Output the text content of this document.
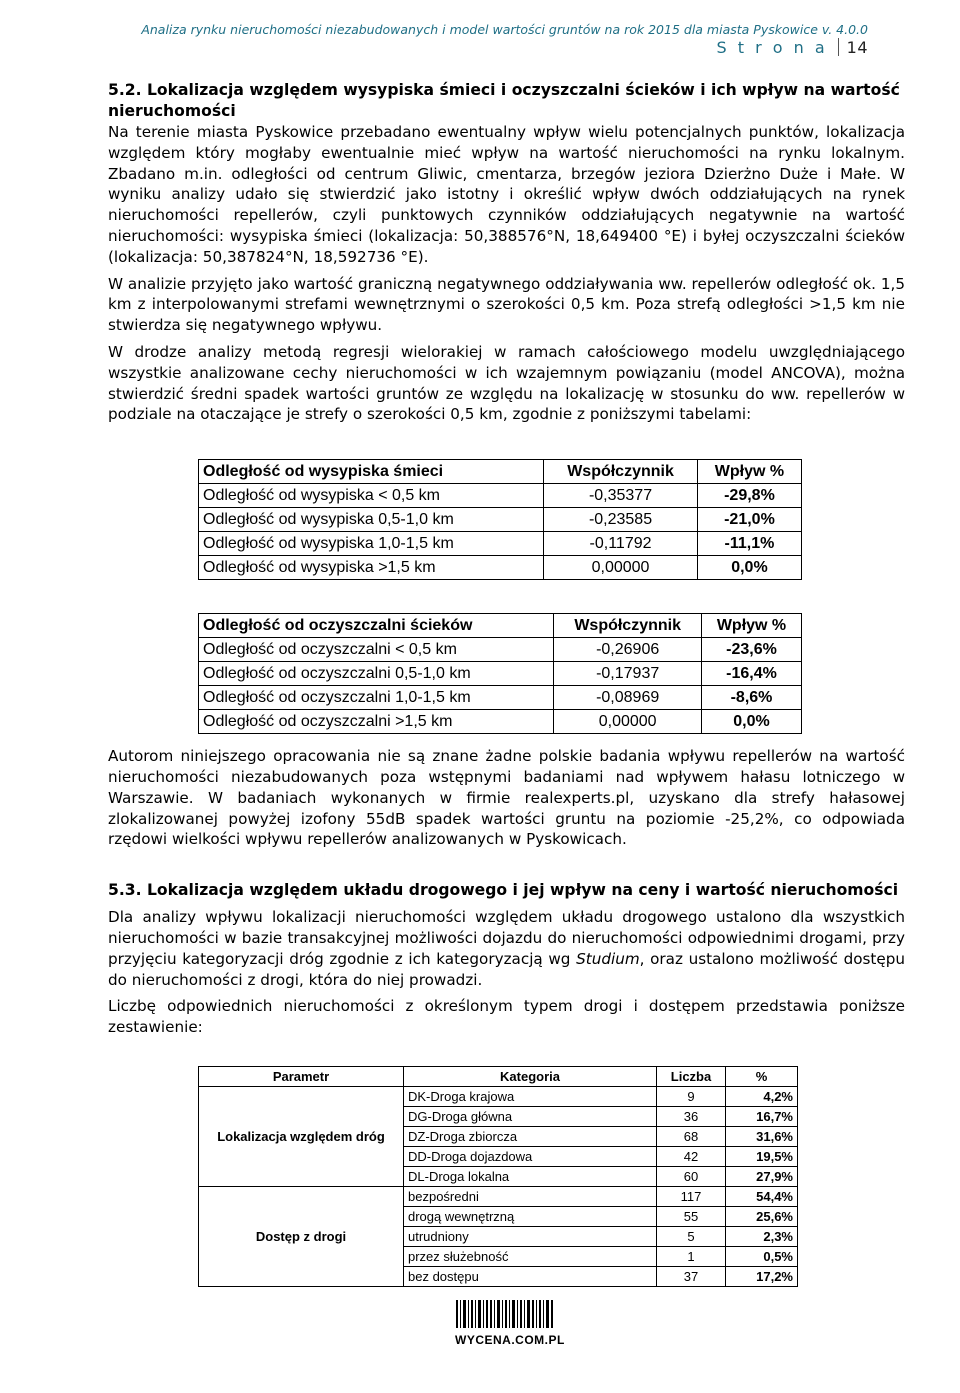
Analiza rynku nieruchomości niezabudowanych i model wartości gruntów na rok 2015 dla miasta Pyskowice v. 4.0.0
S t r o n a 14
5.2. Lokalizacja względem wysypiska śmieci i oczyszczalni ścieków i ich wpływ na wartość nieruchomości

Na terenie miasta Pyskowice przebadano ewentualny wpływ wielu potencjalnych punktów, lokalizacja względem który mogłaby ewentualnie mieć wpływ na wartość nieruchomości na rynku lokalnym. Zbadano m.in. odległości od centrum Gliwic, cmentarza, brzegów jeziora Dzierżno Duże i Małe. W wyniku analizy udało się stwierdzić jako istotny i określić wpływ dwóch oddziałujących na rynek nieruchomości repellerów, czyli punktowych czynników oddziałujących negatywnie na wartość nieruchomości: wysypiska śmieci (lokalizacja: 50,388576°N, 18,649400 °E) i byłej oczyszczalni ścieków (lokalizacja: 50,387824°N, 18,592736 °E).

W analizie przyjęto jako wartość graniczną negatywnego oddziaływania ww. repellerów odległość ok. 1,5 km z interpolowanymi strefami wewnętrznymi o szerokości 0,5 km. Poza strefą odległości >1,5 km nie stwierdza się negatywnego wpływu.

W drodze analizy metodą regresji wielorakiej w ramach całościowego modelu uwzględniającego wszystkie analizowane cechy nieruchomości w ich wzajemnym powiązaniu (model ANCOVA), można stwierdzić średni spadek wartości gruntów ze względu na lokalizację w stosunku do ww. repellerów w podziale na otaczające je strefy o szerokości 0,5 km, zgodnie z poniższymi tabelami:

Odległość od wysypiska śmieci	Współczynnik	Wpływ %
Odległość od wysypiska < 0,5 km	-0,35377	-29,8%
Odległość od wysypiska 0,5-1,0 km	-0,23585	-21,0%
Odległość od wysypiska 1,0-1,5 km	-0,11792	-11,1%
Odległość od wysypiska >1,5 km	0,00000	0,0%
Odległość od oczyszczalni ścieków	Współczynnik	Wpływ %
Odległość od oczyszczalni < 0,5 km	-0,26906	-23,6%
Odległość od oczyszczalni 0,5-1,0 km	-0,17937	-16,4%
Odległość od oczyszczalni 1,0-1,5 km	-0,08969	-8,6%
Odległość od oczyszczalni >1,5 km	0,00000	0,0%

Autorom niniejszego opracowania nie są znane żadne polskie badania wpływu repellerów na wartość nieruchomości niezabudowanych poza wstępnymi badaniami nad wpływem hałasu lotniczego w Warszawie. W badaniach wykonanych w firmie realexperts.pl, uzyskano dla strefy hałasowej zlokalizowanej powyżej izofony 55dB spadek wartości gruntu na poziomie -25,2%, co odpowiada rzędowi wielkości wpływu repellerów analizowanych w Pyskowicach.

5.3. Lokalizacja względem układu drogowego i jej wpływ na ceny i wartość nieruchomości

Dla analizy wpływu lokalizacji nieruchomości względem układu drogowego ustalono dla wszystkich nieruchomości w bazie transakcyjnej możliwości dojazdu do nieruchomości odpowiednimi drogami, przy przyjęciu kategoryzacji dróg zgodnie z ich kategoryzacją wg Studium, oraz ustalono możliwość dostępu do nieruchomości z drogi, która do niej prowadzi.

Liczbę odpowiednich nieruchomości z określonym typem drogi i dostępem przedstawia poniższe zestawienie:

Parametr	Kategoria	Liczba	%
Lokalizacja względem dróg	DK-Droga krajowa	9	4,2%
	DG-Droga główna	36	16,7%
	DZ-Droga zbiorcza	68	31,6%
	DD-Droga dojazdowa	42	19,5%
	DL-Droga lokalna	60	27,9%
Dostęp z drogi	bezpośredni	117	54,4%
	drogą wewnętrzną	55	25,6%
	utrudniony	5	2,3%
	przez służebność	1	0,5%
	bez dostępu	37	17,2%
WYCENA.COM.PL
